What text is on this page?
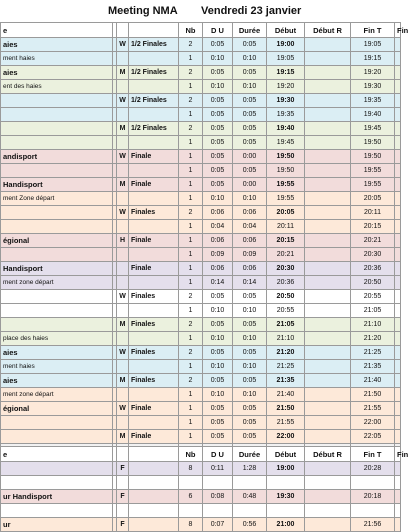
Meeting NMA Vendredi 23 janvier
e				Nb	D U	Durée	Début	Début R	Fin T	Fin
aies		W	1/2 Finales	2	0:05	0:05	19:00		19:05	
ment haies				1	0:10	0:10	19:05		19:15	
aies		M	1/2 Finales	2	0:05	0:05	19:15		19:20	
ent des haies				1	0:10	0:10	19:20		19:30	
		W	1/2 Finales	2	0:05	0:05	19:30		19:35	
				1	0:05	0:05	19:35		19:40	
		M	1/2 Finales	2	0:05	0:05	19:40		19:45	
				1	0:05	0:05	19:45		19:50	
andisport		W	Finale	1	0:05	0:00	19:50		19:50	
				1	0:05	0:05	19:50		19:55	
Handisport		M	Finale	1	0:05	0:00	19:55		19:55	
ment Zone départ				1	0:10	0:10	19:55		20:05	
		W	Finales	2	0:06	0:06	20:05		20:11	
				1	0:04	0:04	20:11		20:15	
égional		H	Finale	1	0:06	0:06	20:15		20:21	
				1	0:09	0:09	20:21		20:30	
Handisport			Finale	1	0:06	0:06	20:30		20:36	
ment zone départ				1	0:14	0:14	20:36		20:50	
		W	Finales	2	0:05	0:05	20:50		20:55	
				1	0:10	0:10	20:55		21:05	
		M	Finales	2	0:05	0:05	21:05		21:10	
place des haies				1	0:10	0:10	21:10		21:20	
aies		W	Finales	2	0:05	0:05	21:20		21:25	
ment haies				1	0:10	0:10	21:25		21:35	
aies		M	Finales	2	0:05	0:05	21:35		21:40	
ment zone départ				1	0:10	0:10	21:40		21:50	
égional		W	Finale	1	0:05	0:05	21:50		21:55	
				1	0:05	0:05	21:55		22:00	
		M	Finale	1	0:05	0:05	22:00		22:05	

e				Nb	D U	Durée	Début	Début R	Fin T	Fin
		F		8	0:11	1:28	19:00		20:28	

ur Handisport		F		6	0:08	0:48	19:30		20:18	

ur		F		8	0:07	0:56	21:00		21:56	
